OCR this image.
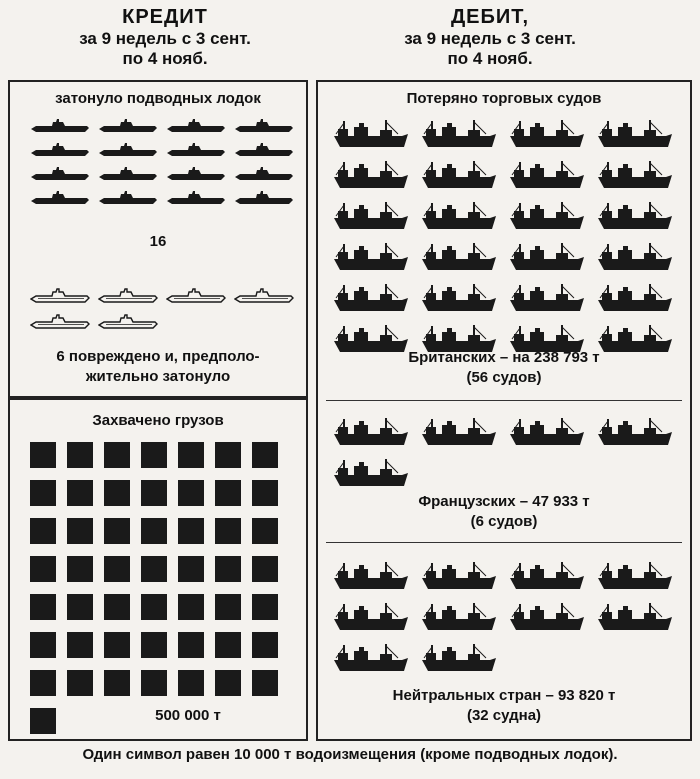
КРЕДИТ
за 9 недель с 3 сент.
по 4 нояб.
ДЕБИТ,
за 9 недель с 3 сент.
по 4 нояб.
затонуло подводных лодок
16
6 повреждено и, предполо-
жительно затонуло
Захвачено грузов
500 000 т
Потеряно торговых судов
Британских – на 238 793 т
(56 судов)
Французских – 47 933 т
(6 судов)
Нейтральных стран – 93 820 т
(32 судна)
Один символ равен 10 000 т водоизмещения (кроме подводных лодок).
